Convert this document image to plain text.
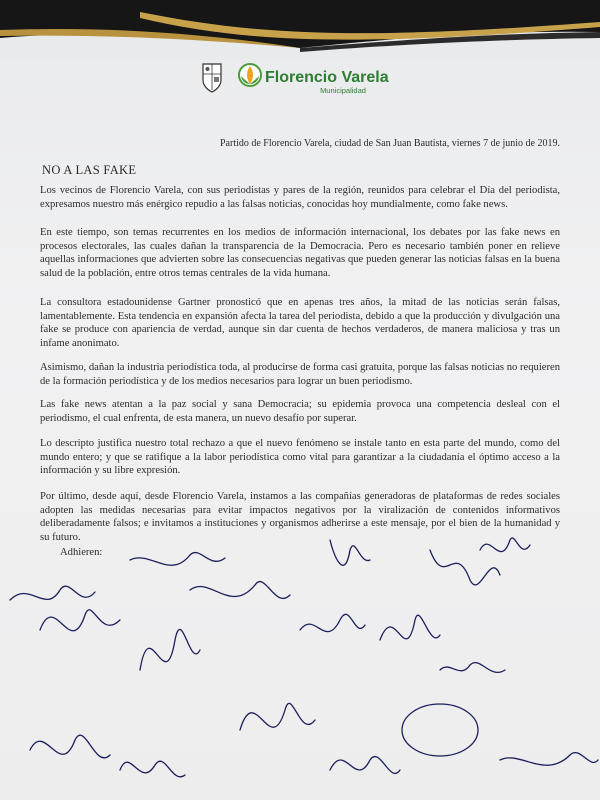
Florencio Varela
Municipalidad
Partido de Florencio Varela, ciudad de San Juan Bautista, viernes 7 de junio de 2019.
NO A LAS FAKE
Los vecinos de Florencio Varela, con sus periodistas y pares de la región, reunidos para celebrar el Día del periodista, expresamos nuestro más enérgico repudio a las falsas noticias, conocidas hoy mundialmente, como fake news.
En este tiempo, son temas recurrentes en los medios de información internacional, los debates por las fake news en procesos electorales, las cuales dañan la transparencia de la Democracia. Pero es necesario también poner en relieve aquellas informaciones que advierten sobre las consecuencias negativas que pueden generar las noticias falsas en la buena salud de la población, entre otros temas centrales de la vida humana.
La consultora estadounidense Gartner pronosticó que en apenas tres años, la mitad de las noticias serán falsas, lamentablemente. Esta tendencia en expansión afecta la tarea del periodista, debido a que la producción y divulgación una fake se produce con apariencia de verdad, aunque sin dar cuenta de hechos verdaderos, de manera maliciosa y tras un infame anonimato.
Asimismo, dañan la industria periodística toda, al producirse de forma casi gratuita, porque las falsas noticias no requieren de la formación periodística y de los medios necesarios para lograr un buen periodismo.
Las fake news atentan a la paz social y sana Democracia; su epidemia provoca una competencia desleal con el periodismo, el cual enfrenta, de esta manera, un nuevo desafío por superar.
Lo descripto justifica nuestro total rechazo a que el nuevo fenómeno se instale tanto en esta parte del mundo, como del mundo entero; y que se ratifique a la labor periodística como vital para garantizar a la ciudadanía el óptimo acceso a la información y su libre expresión.
Por último, desde aquí, desde Florencio Varela, instamos a las compañías generadoras de plataformas de redes sociales adopten las medidas necesarias para evitar impactos negativos por la viralización de contenidos informativos deliberadamente falsos; e invitamos a instituciones y organismos adherirse a este mensaje, por el bien de la humanidad y su futuro.
Adhieren:
FM Barrio
Jun Cor
Somos Ltd
Florencio Varela
Silvina Puggiari
Claudio Blanco
Hilario Ortiz
Alicia Vicente
Mario Medina
Nahuel
Hilario Mi Radio
Hilario Maldonado
Hilario en Color
J. Benavides	Roberto Zarlanga
